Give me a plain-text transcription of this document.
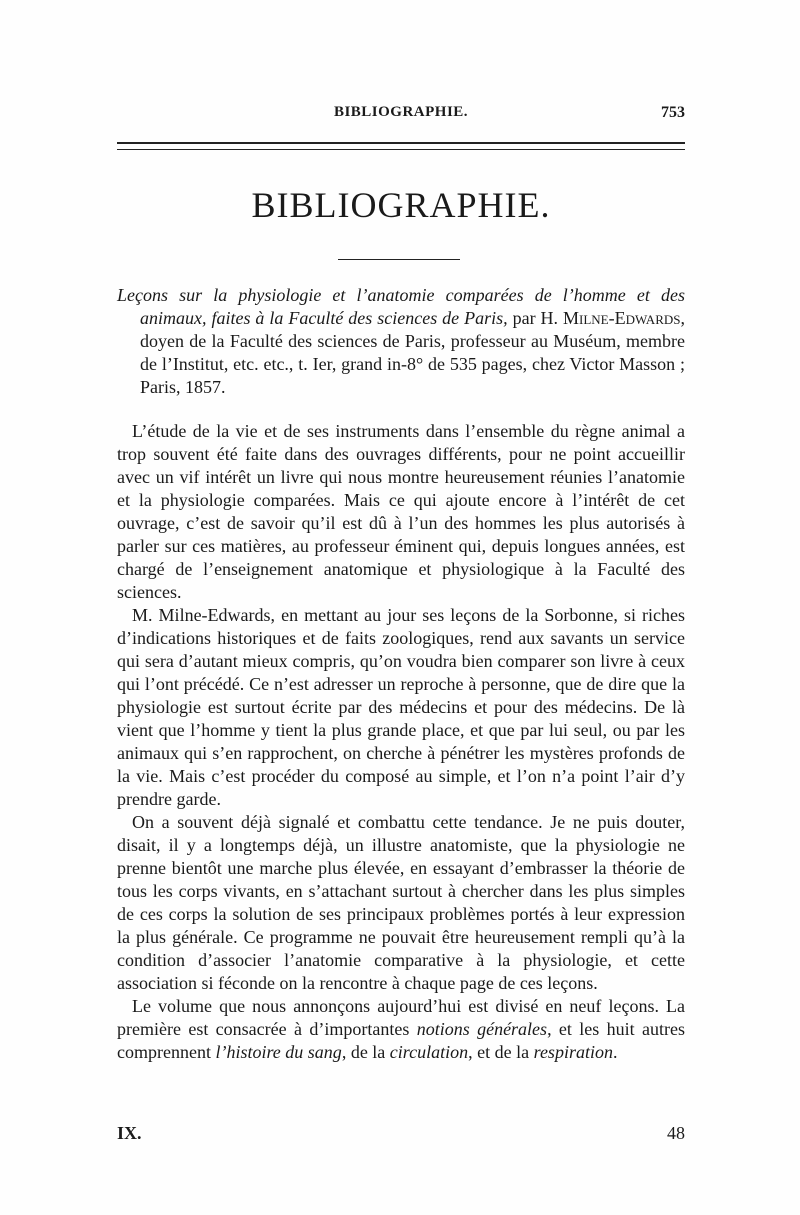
BIBLIOGRAPHIE.	753
BIBLIOGRAPHIE.

Leçons sur la physiologie et l’anatomie comparées de l’homme et des animaux, faites à la Faculté des sciences de Paris, par H. Milne-Edwards, doyen de la Faculté des sciences de Paris, professeur au Muséum, membre de l’Institut, etc. etc., t. Ier, grand in-8° de 535 pages, chez Victor Masson ; Paris, 1857.

L’étude de la vie et de ses instruments dans l’ensemble du règne animal a trop souvent été faite dans des ouvrages différents, pour ne point accueillir avec un vif intérêt un livre qui nous montre heureusement réunies l’anatomie et la physiologie comparées. Mais ce qui ajoute encore à l’intérêt de cet ouvrage, c’est de savoir qu’il est dû à l’un des hommes les plus autorisés à parler sur ces matières, au professeur éminent qui, depuis longues années, est chargé de l’enseignement anatomique et physiologique à la Faculté des sciences.

M. Milne-Edwards, en mettant au jour ses leçons de la Sorbonne, si riches d’indications historiques et de faits zoologiques, rend aux savants un service qui sera d’autant mieux compris, qu’on voudra bien comparer son livre à ceux qui l’ont précédé. Ce n’est adresser un reproche à personne, que de dire que la physiologie est surtout écrite par des médecins et pour des médecins. De là vient que l’homme y tient la plus grande place, et que par lui seul, ou par les animaux qui s’en rapprochent, on cherche à pénétrer les mystères profonds de la vie. Mais c’est procéder du composé au simple, et l’on n’a point l’air d’y prendre garde.

On a souvent déjà signalé et combattu cette tendance. Je ne puis douter, disait, il y a longtemps déjà, un illustre anatomiste, que la physiologie ne prenne bientôt une marche plus élevée, en essayant d’embrasser la théorie de tous les corps vivants, en s’attachant surtout à chercher dans les plus simples de ces corps la solution de ses principaux problèmes portés à leur expression la plus générale. Ce programme ne pouvait être heureusement rempli qu’à la condition d’associer l’anatomie comparative à la physiologie, et cette association si féconde on la rencontre à chaque page de ces leçons.

Le volume que nous annonçons aujourd’hui est divisé en neuf leçons. La première est consacrée à d’importantes notions générales, et les huit autres comprennent l’histoire du sang, de la circulation, et de la respiration.

IX.	48
